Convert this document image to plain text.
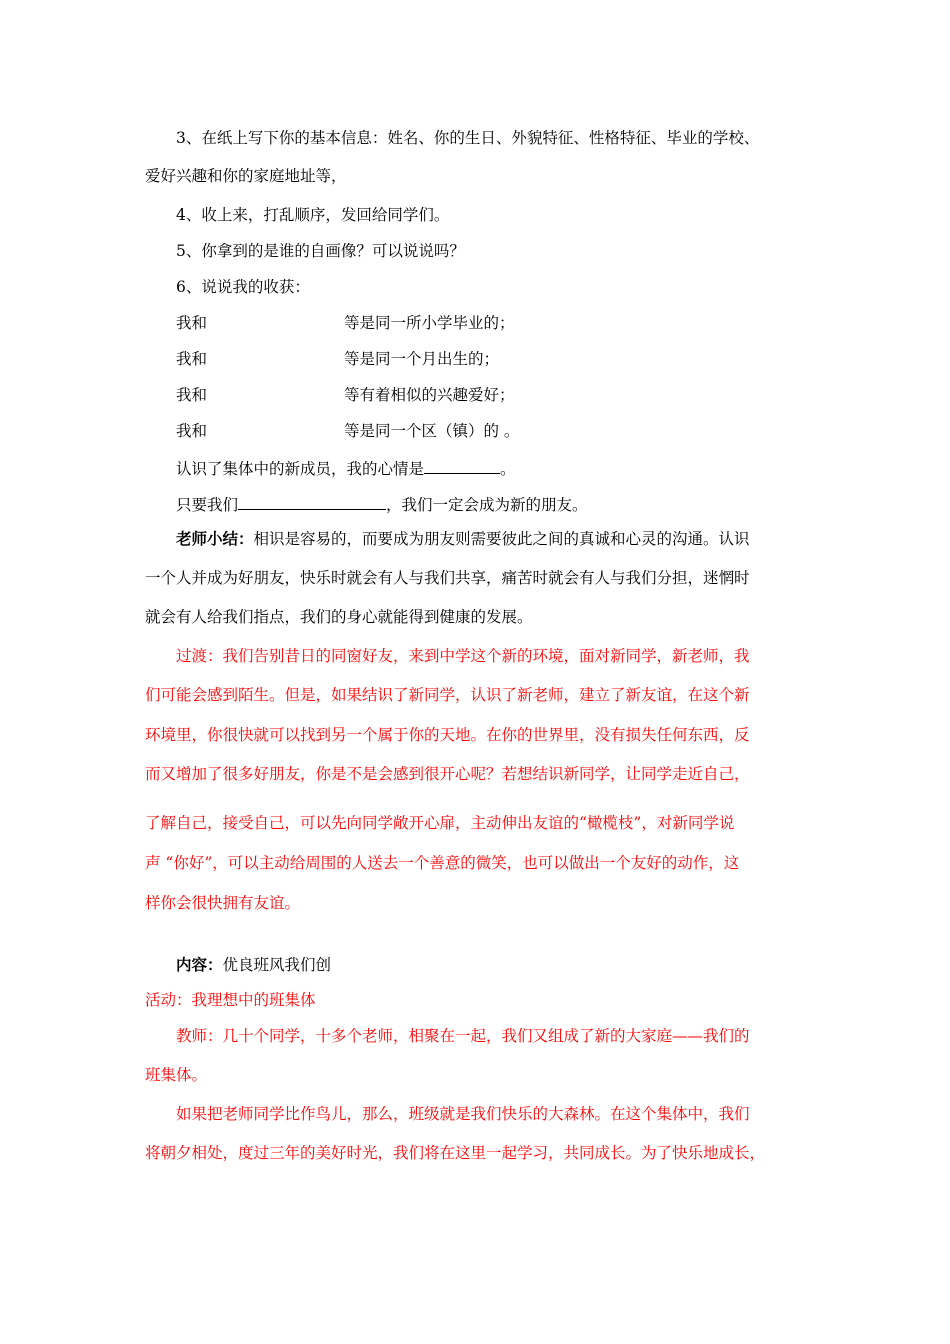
3、在纸上写下你的基本信息：姓名、你的生日、外貌特征、性格特征、毕业的学校、
爱好兴趣和你的家庭地址等，
4、收上来，打乱顺序，发回给同学们。
5、你拿到的是谁的自画像？可以说说吗？
6、说说我的收获：
我和	等是同一所小学毕业的；
我和	等是同一个月出生的；
我和	等有着相似的兴趣爱好；
我和	等是同一个区（镇）的 。
认识了集体中的新成员，我的心情是	。
只要我们	，我们一定会成为新的朋友。
老师小结：相识是容易的，而要成为朋友则需要彼此之间的真诚和心灵的沟通。认识
一个人并成为好朋友，快乐时就会有人与我们共享，痛苦时就会有人与我们分担，迷惘时
就会有人给我们指点，我们的身心就能得到健康的发展。
过渡：我们告别昔日的同窗好友，来到中学这个新的环境，面对新同学，新老师，我
们可能会感到陌生。但是，如果结识了新同学，认识了新老师，建立了新友谊，在这个新
环境里，你很快就可以找到另一个属于你的天地。在你的世界里，没有损失任何东西，反
而又增加了很多好朋友，你是不是会感到很开心呢？若想结识新同学，让同学走近自己，
了解自己，接受自己，可以先向同学敞开心扉，主动伸出友谊的“橄榄枝”，对新同学说
声 “你好”，可以主动给周围的人送去一个善意的微笑，也可以做出一个友好的动作，这
样你会很快拥有友谊。
内容：优良班风我们创
活动：我理想中的班集体
教师：几十个同学，十多个老师，相聚在一起，我们又组成了新的大家庭——我们的
班集体。
如果把老师同学比作鸟儿，那么，班级就是我们快乐的大森林。在这个集体中，我们
将朝夕相处，度过三年的美好时光，我们将在这里一起学习，共同成长。为了快乐地成长，
